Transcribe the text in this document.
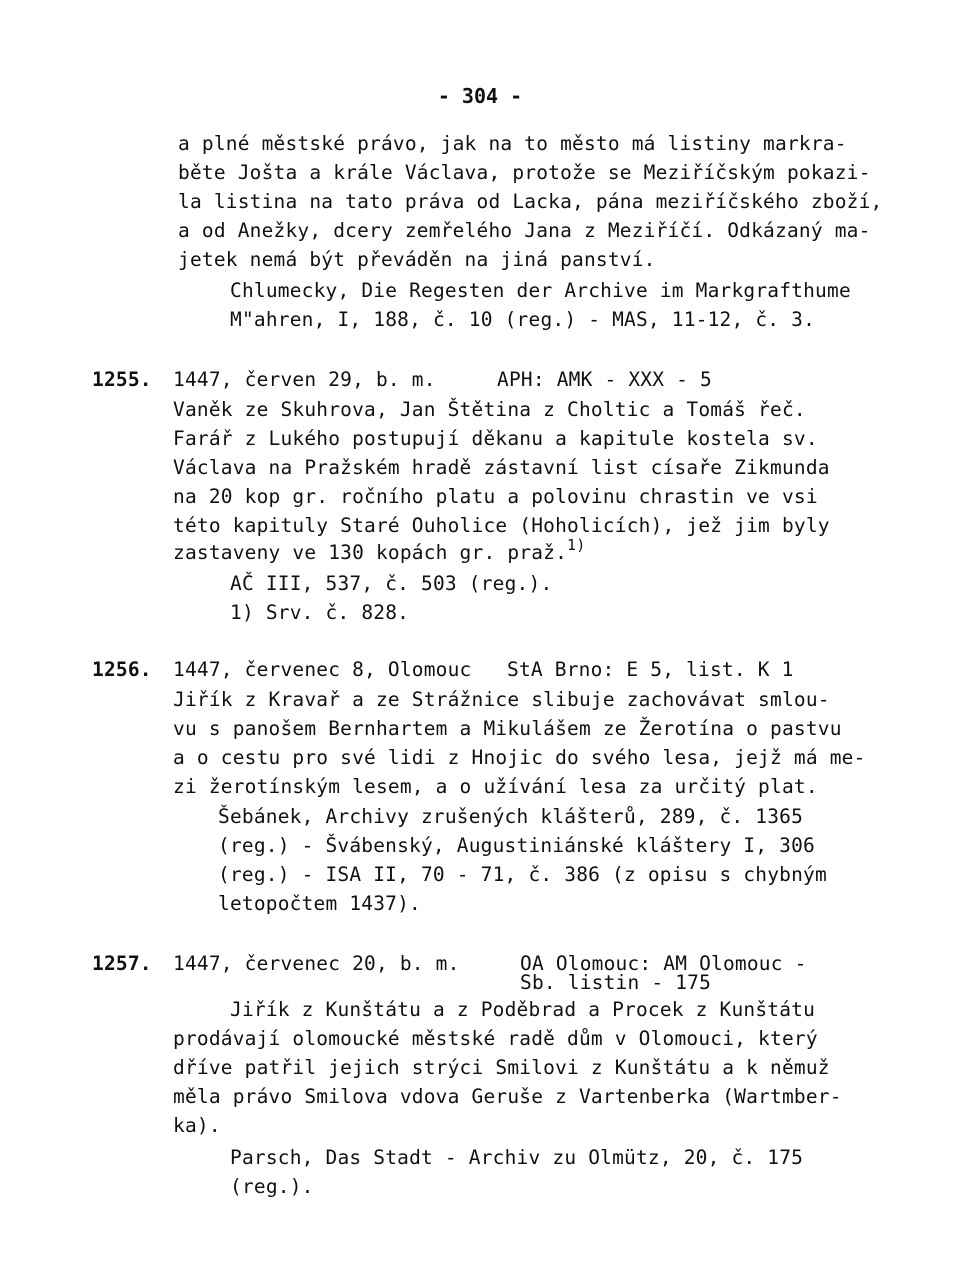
- 304 -
a plné městské právo, jak na to město má listiny markra-
běte Jošta a krále Václava, protože se Meziříčským pokazi-
la listina na tato práva od Lacka, pána meziříčského zboží,
a od Anežky, dcery zemřelého Jana z Meziříčí. Odkázaný ma-
jetek nemá být převáděn na jiná panství.
Chlumecky, Die Regesten der Archive im Markgrafthume
M"ahren, I, 188, č. 10 (reg.) - MAS, 11-12, č. 3.
1255. 1447, červen 29, b. m.	APH: AMK - XXX - 5
Vaněk ze Skuhrova, Jan Štětina z Choltic a Tomáš řeč.
Farář z Lukého postupují děkanu a kapitule kostela sv.
Václava na Pražském hradě zástavní list císaře Zikmunda
na 20 kop gr. ročního platu a polovinu chrastin ve vsi
této kapituly Staré Ouholice (Hoholicích), jež jim byly
zastaveny ve 130 kopách gr. praž.$^{1)}$
AČ III, 537, č. 503 (reg.).
1) Srv. č. 828.
1256. 1447, červenec 8, Olomouc StA Brno: E 5, list. K 1
Jiřík z Kravař a ze Strážnice slibuje zachovávat smlou-
vu s panošem Bernhartem a Mikulášem ze Žerotína o pastvu
a o cestu pro své lidi z Hnojic do svého lesa, jejž má me-
zi žerotínským lesem, a o užívání lesa za určitý plat.
Šebánek, Archivy zrušených klášterů, 289, č. 1365
(reg.) - Švábenský, Augustiniánské kláštery I, 306
(reg.) - ISA II, 70 - 71, č. 386 (z opisu s chybným
letopočtem 1437).
1257. 1447, červenec 20, b. m.	OA Olomouc: AM Olomouc -
Sb. listin - 175
Jiřík z Kunštátu a z Poděbrad a Procek z Kunštátu
prodávají olomoucké městské radě dům v Olomouci, který
dříve patřil jejich strýci Smilovi z Kunštátu a k němuž
měla právo Smilova vdova Geruše z Vartenberka (Wartmber-
ka).
Parsch, Das Stadt - Archiv zu Olmütz, 20, č. 175
(reg.).
